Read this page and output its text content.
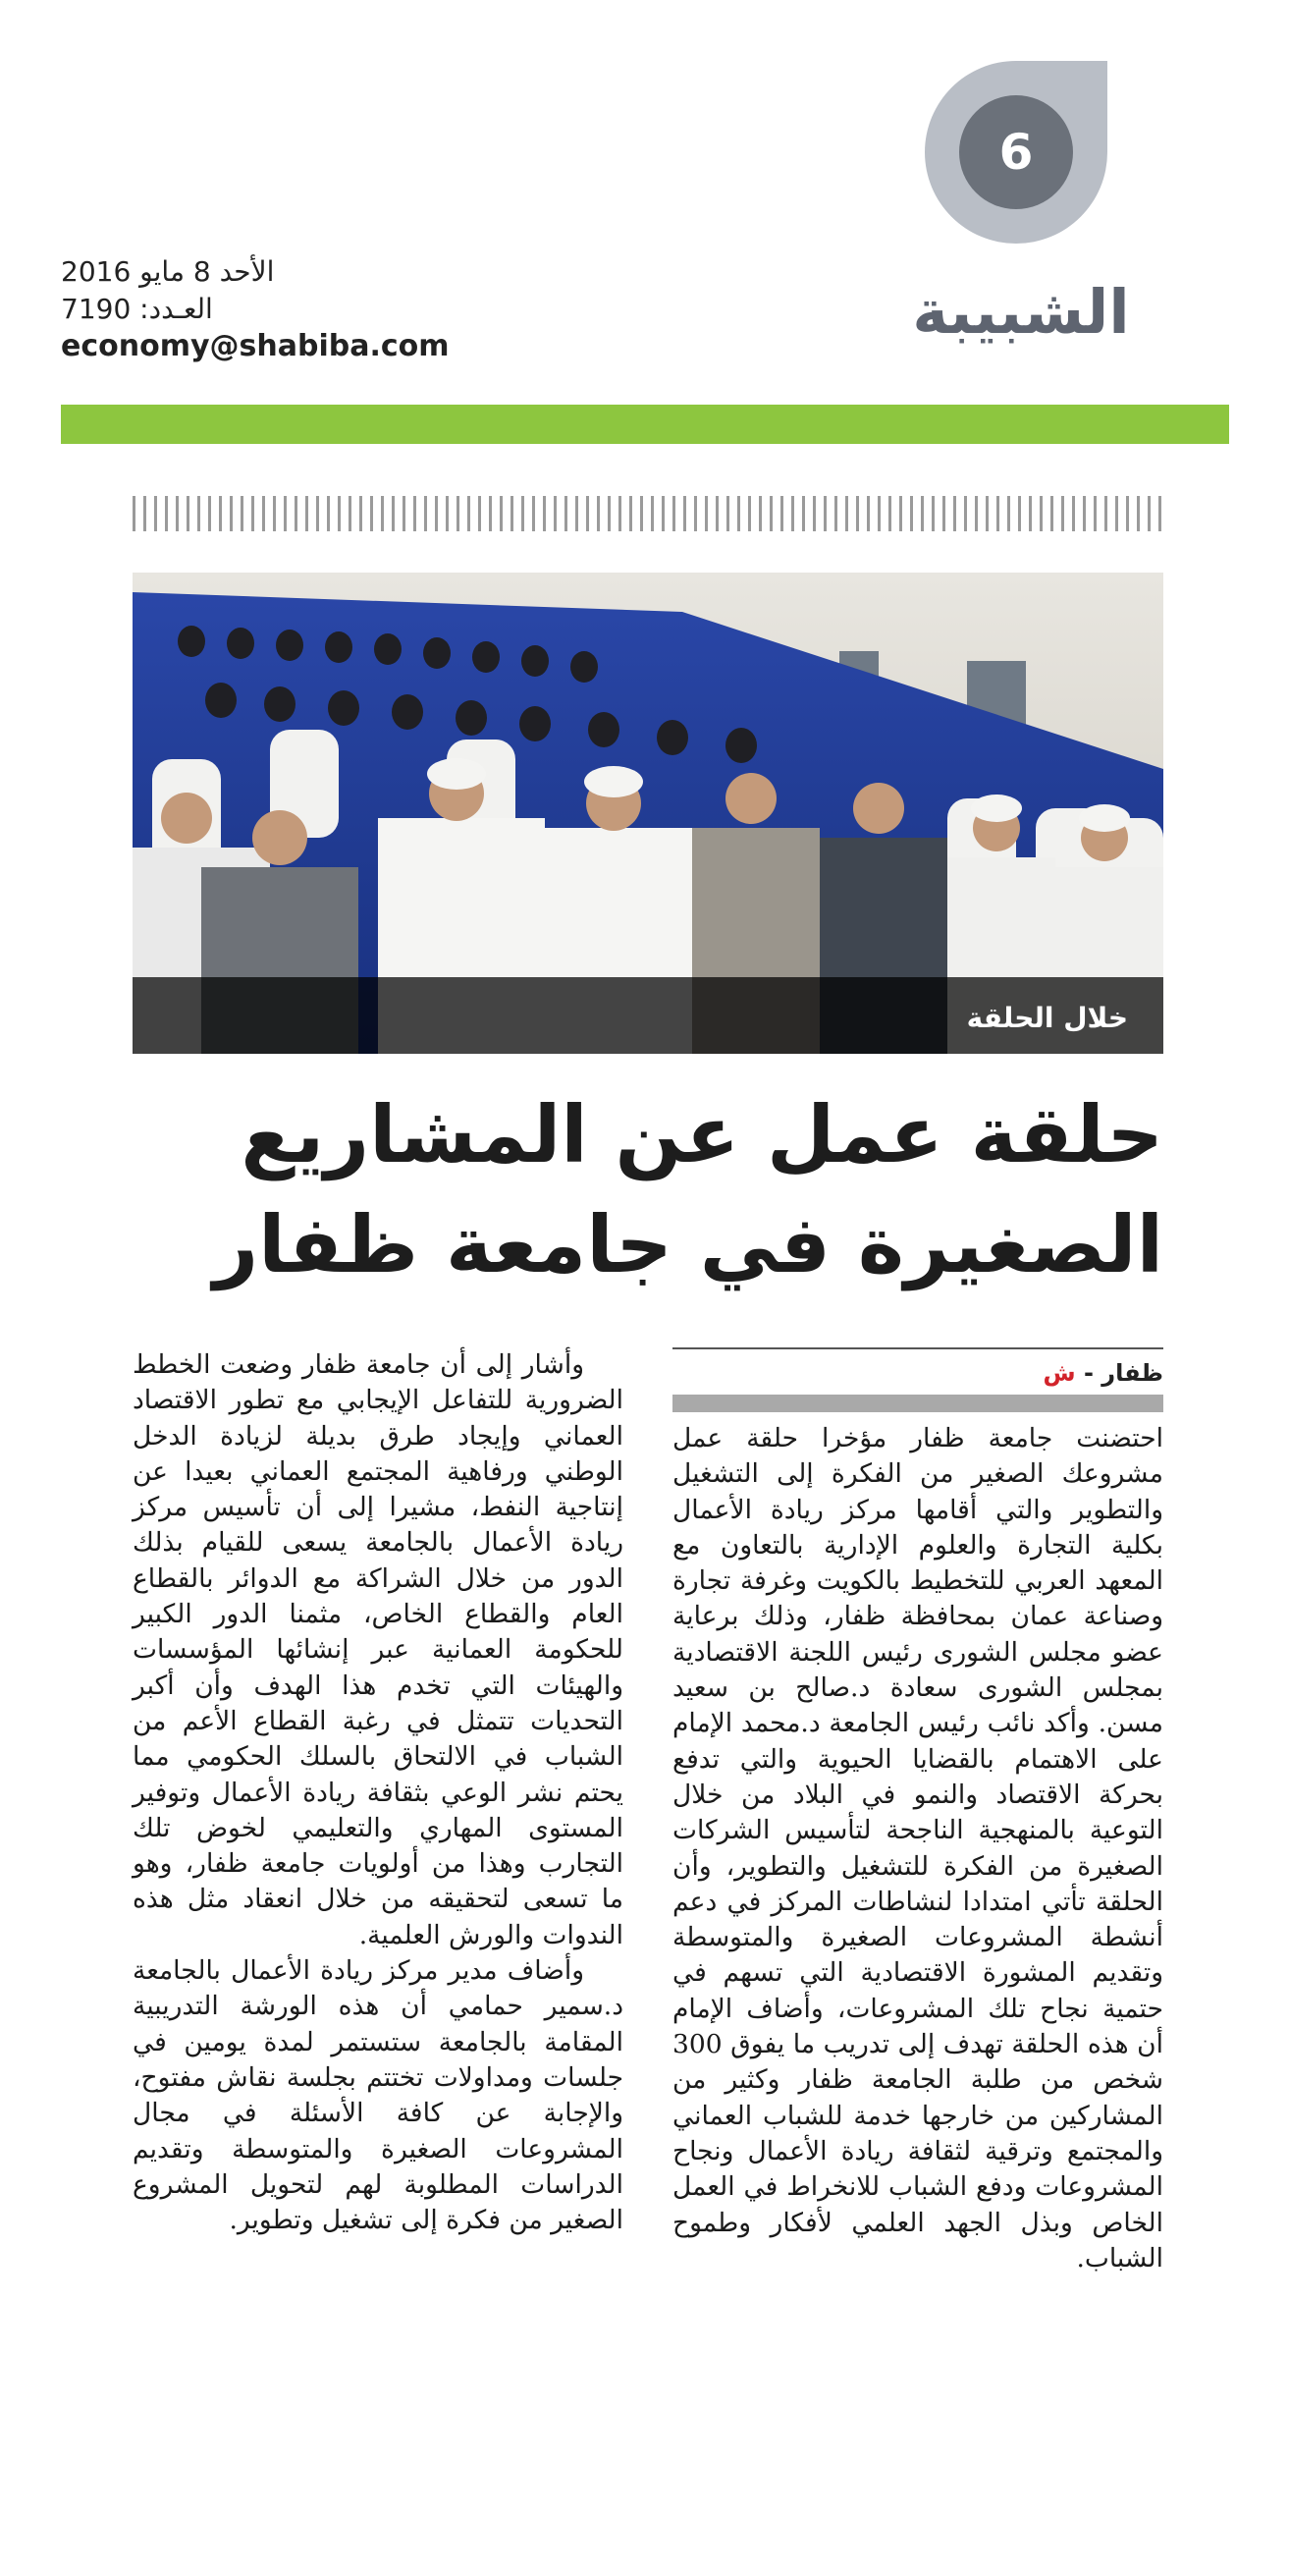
6
الشبيبة
الأحد 8 مايو 2016
العـدد: 7190
economy@shabiba.com
خلال الحلقة
حلقة عمل عن المشاريع
الصغيرة في جامعة ظفار
ظفار - ش

احتضنت جامعة ظفار مؤخرا حلقة عمل مشروعك الصغير من الفكرة إلى التشغيل والتطوير والتي أقامها مركز ريادة الأعمال بكلية التجارة والعلوم الإدارية بالتعاون مع المعهد العربي للتخطيط بالكويت وغرفة تجارة وصناعة عمان بمحافظة ظفار، وذلك برعاية عضو مجلس الشورى رئيس اللجنة الاقتصادية بمجلس الشورى سعادة د.صالح بن سعيد مسن. وأكد نائب رئيس الجامعة د.محمد الإمام على الاهتمام بالقضايا الحيوية والتي تدفع بحركة الاقتصاد والنمو في البلاد من خلال التوعية بالمنهجية الناجحة لتأسيس الشركات الصغيرة من الفكرة للتشغيل والتطوير، وأن الحلقة تأتي امتدادا لنشاطات المركز في دعم أنشطة المشروعات الصغيرة والمتوسطة وتقديم المشورة الاقتصادية التي تسهم في حتمية نجاح تلك المشروعات، وأضاف الإمام أن هذه الحلقة تهدف إلى تدريب ما يفوق 300 شخص من طلبة الجامعة ظفار وكثير من المشاركين من خارجها خدمة للشباب العماني والمجتمع وترقية لثقافة ريادة الأعمال ونجاح المشروعات ودفع الشباب للانخراط في العمل الخاص وبذل الجهد العلمي لأفكار وطموح الشباب.

وأشار إلى أن جامعة ظفار وضعت الخطط الضرورية للتفاعل الإيجابي مع تطور الاقتصاد العماني وإيجاد طرق بديلة لزيادة الدخل الوطني ورفاهية المجتمع العماني بعيدا عن إنتاجية النفط، مشيرا إلى أن تأسيس مركز ريادة الأعمال بالجامعة يسعى للقيام بذلك الدور من خلال الشراكة مع الدوائر بالقطاع العام والقطاع الخاص، مثمنا الدور الكبير للحكومة العمانية عبر إنشائها المؤسسات والهيئات التي تخدم هذا الهدف وأن أكبر التحديات تتمثل في رغبة القطاع الأعم من الشباب في الالتحاق بالسلك الحكومي مما يحتم نشر الوعي بثقافة ريادة الأعمال وتوفير المستوى المهاري والتعليمي لخوض تلك التجارب وهذا من أولويات جامعة ظفار، وهو ما تسعى لتحقيقه من خلال انعقاد مثل هذه الندوات والورش العلمية.

وأضاف مدير مركز ريادة الأعمال بالجامعة د.سمير حمامي أن هذه الورشة التدريبية المقامة بالجامعة ستستمر لمدة يومين في جلسات ومداولات تختتم بجلسة نقاش مفتوح، والإجابة عن كافة الأسئلة في مجال المشروعات الصغيرة والمتوسطة وتقديم الدراسات المطلوبة لهم لتحويل المشروع الصغير من فكرة إلى تشغيل وتطوير.
